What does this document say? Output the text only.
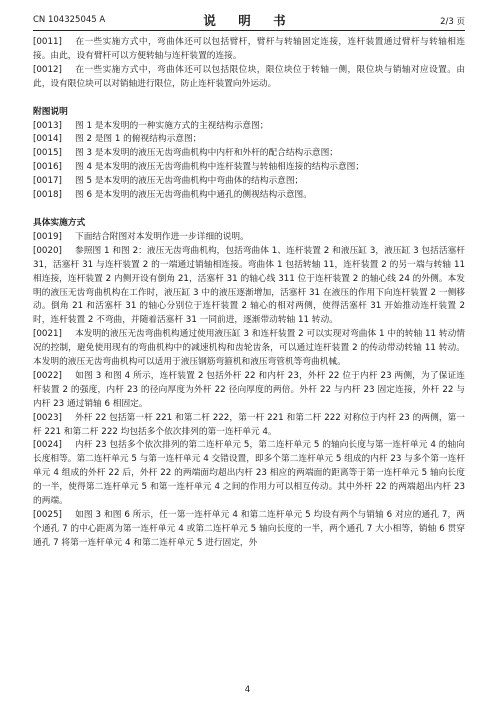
CN 104325045 A	说 明 书	2/3 页

[0011] 在一些实施方式中，弯曲体还可以包括臂杆，臂杆与转轴固定连接，连杆装置通过臂杆与转轴相连接。由此，设有臂杆可以方便转轴与连杆装置的连接。

[0012] 在一些实施方式中，弯曲体还可以包括限位块，限位块位于转轴一侧，限位块与销轴对应设置。由此，设有限位块可以对销轴进行限位，防止连杆装置向外运动。

附图说明

[0013] 图 1 是本发明的一种实施方式的主视结构示意图；

[0014] 图 2 是图 1 的俯视结构示意图；

[0015] 图 3 是本发明的液压无齿弯曲机构中内杆和外杆的配合结构示意图；

[0016] 图 4 是本发明的液压无齿弯曲机构中连杆装置与转轴相连接的结构示意图；

[0017] 图 5 是本发明的液压无齿弯曲机构中弯曲体的结构示意图；

[0018] 图 6 是本发明的液压无齿弯曲机构中通孔的侧视结构示意图。

具体实施方式

[0019] 下面结合附图对本发明作进一步详细的说明。

[0020] 参照图 1 和图 2：液压无齿弯曲机构，包括弯曲体 1、连杆装置 2 和液压缸 3，液压缸 3 包括活塞杆 31，活塞杆 31 与连杆装置 2 的一端通过销轴相连接。弯曲体 1 包括转轴 11，连杆装置 2 的另一端与转轴 11 相连接，连杆装置 2 内侧开设有倒角 21，活塞杆 31 的轴心线 311 位于连杆装置 2 的轴心线 24 的外侧。本发明的液压无齿弯曲机构在工作时，液压缸 3 中的液压逐渐增加，活塞杆 31 在液压的作用下向连杆装置 2 一侧移动。倒角 21 和活塞杆 31 的轴心分别位于连杆装置 2 轴心的相对两侧，使得活塞杆 31 开始推动连杆装置 2 时，连杆装置 2 不弯曲，并随着活塞杆 31 一同前进，逐渐带动转轴 11 转动。

[0021] 本发明的液压无齿弯曲机构通过使用液压缸 3 和连杆装置 2 可以实现对弯曲体 1 中的转轴 11 转动情况的控制，避免使用现有的弯曲机构中的减速机构和齿轮齿条，可以通过连杆装置 2 的传动带动转轴 11 转动。本发明的液压无齿弯曲机构可以适用于液压钢筋弯箍机和液压弯管机等弯曲机械。

[0022] 如图 3 和图 4 所示，连杆装置 2 包括外杆 22 和内杆 23，外杆 22 位于内杆 23 两侧，为了保证连杆装置 2 的强度，内杆 23 的径向厚度为外杆 22 径向厚度的两倍。外杆 22 与内杆 23 固定连接，外杆 22 与内杆 23 通过销轴 6 相固定。

[0023] 外杆 22 包括第一杆 221 和第二杆 222，第一杆 221 和第二杆 222 对称位于内杆 23 的两侧，第一杆 221 和第二杆 222 均包括多个依次排列的第一连杆单元 4。

[0024] 内杆 23 包括多个依次排列的第二连杆单元 5，第二连杆单元 5 的轴向长度与第一连杆单元 4 的轴向长度相等。第二连杆单元 5 与第一连杆单元 4 交错设置，即多个第二连杆单元 5 组成的内杆 23 与多个第一连杆单元 4 组成的外杆 22 后，外杆 22 的两端面均超出内杆 23 相应的两端面的距离等于第一连杆单元 5 轴向长度的一半，使得第二连杆单元 5 和第一连杆单元 4 之间的作用力可以相互传动。其中外杆 22 的两端超出内杆 23 的两端。

[0025] 如图 3 和图 6 所示，任一第一连杆单元 4 和第二连杆单元 5 均设有两个与销轴 6 对应的通孔 7，两个通孔 7 的中心距离为第一连杆单元 4 或第二连杆单元 5 轴向长度的一半，两个通孔 7 大小相等，销轴 6 贯穿通孔 7 将第一连杆单元 4 和第二连杆单元 5 进行固定，外

4
